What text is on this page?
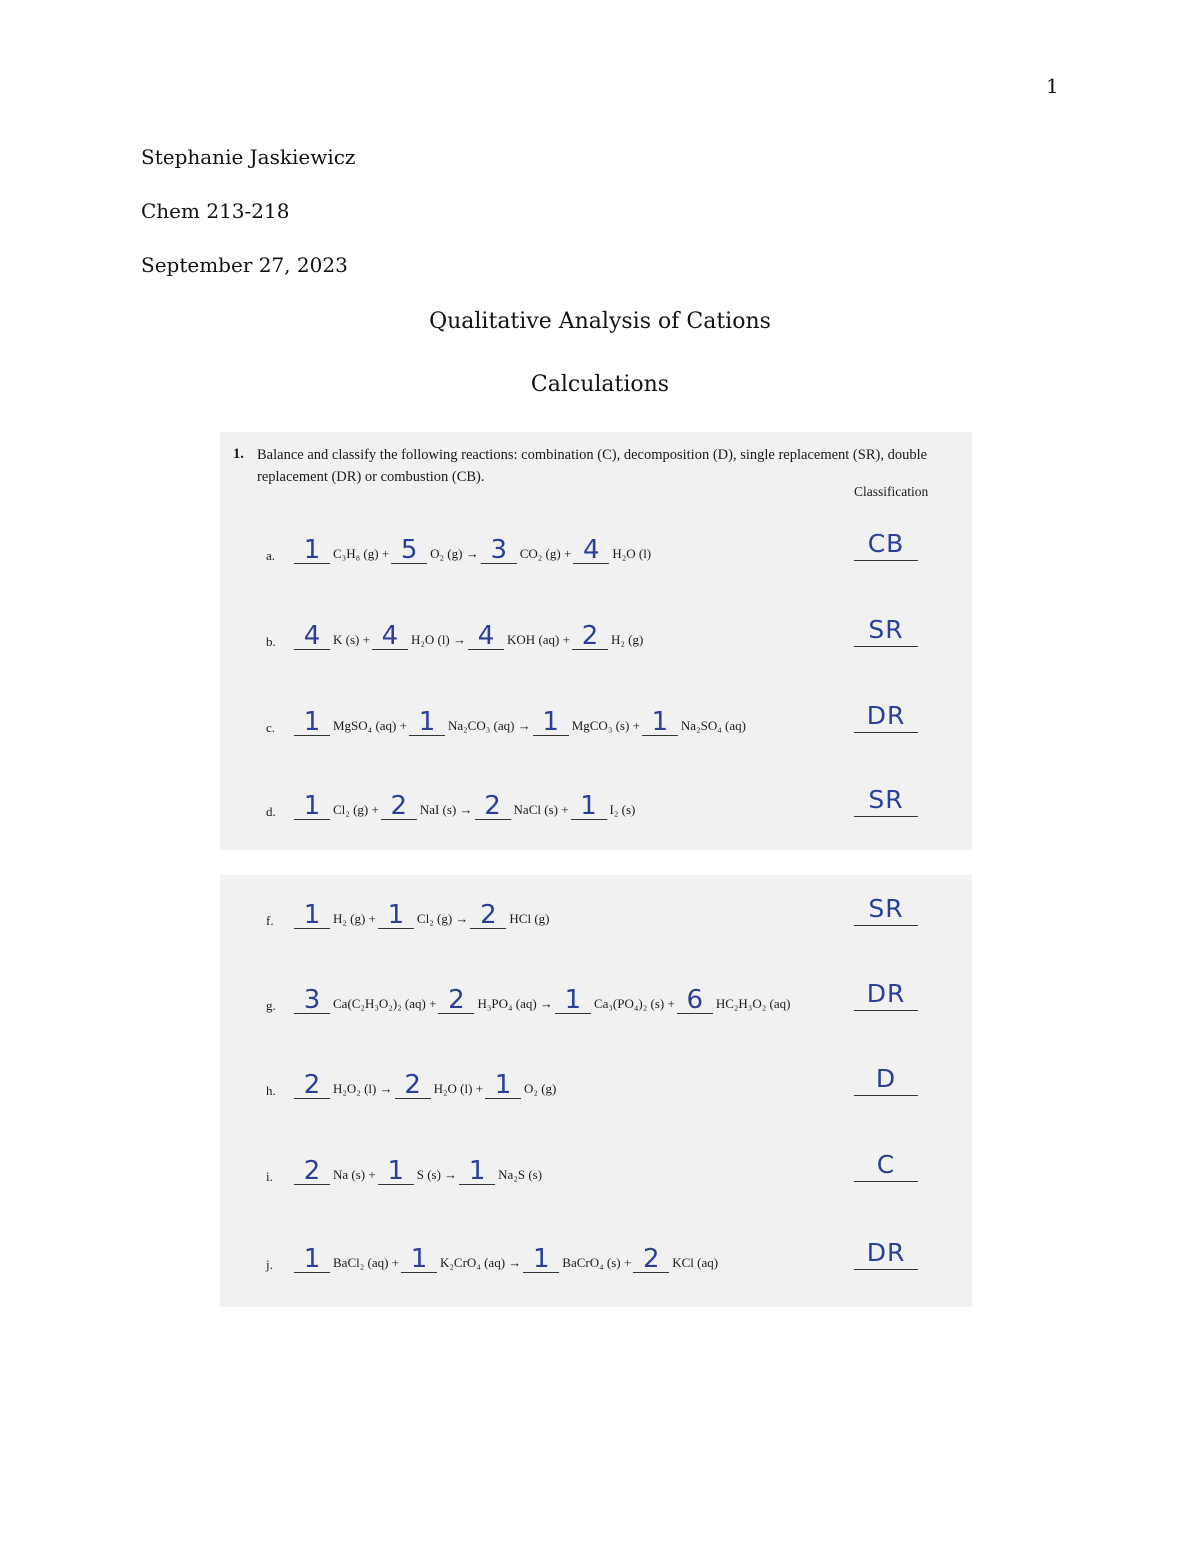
1
Stephanie Jaskiewicz
Chem 213-218
September 27, 2023
Qualitative Analysis of Cations
Calculations
1. Balance and classify the following reactions: combination (C), decomposition (D), single replacement (SR), double replacement (DR) or combustion (CB).
Classification
a.	1 C₃H₈ (g) + 5 O₂ (g) → 3 CO₂ (g) + 4 H₂O (l)	CB
b.	4 K (s) + 4 H₂O (l) → 4 KOH (aq) + 2 H₂ (g)	SR
c.	1 MgSO₄ (aq) + 1 Na₂CO₃ (aq) → 1 MgCO₃ (s) + 1 Na₂SO₄ (aq)	DR
d.	1 Cl₂ (g) + 2 NaI (s) → 2 NaCl (s) + 1 I₂ (s)	SR
f.	1 H₂ (g) + 1 Cl₂ (g) → 2 HCl (g)	SR
g.	3 Ca(C₂H₃O₂)₂ (aq) + 2 H₃PO₄ (aq) → 1 Ca₃(PO₄)₂ (s) + 6 HC₂H₃O₂ (aq)	DR
h.	2 H₂O₂ (l) → 2 H₂O (l) + 1 O₂ (g)	D
i.	2 Na (s) + 1 S (s) → 1 Na₂S (s)	C
j.	1 BaCl₂ (aq) + 1 K₂CrO₄ (aq) → 1 BaCrO₄ (s) + 2 KCl (aq)	DR
